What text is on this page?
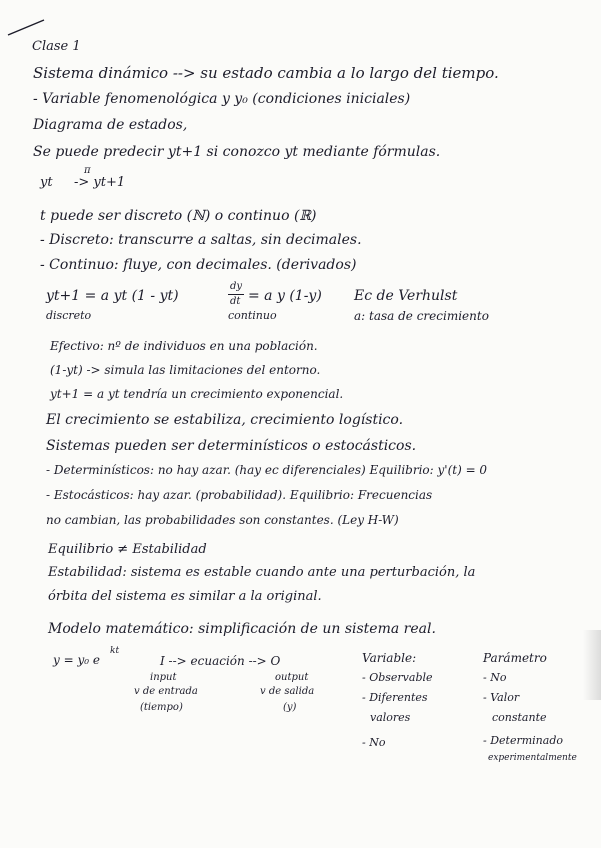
Clase 1
Sistema dinámico --> su estado cambia a lo largo del tiempo.
- Variable fenomenológica y y₀ (condiciones iniciales)
Diagrama de estados,
Se puede predecir yt+1 si conozco yt mediante fórmulas.
yt
π
-> yt+1
t puede ser discreto (ℕ) o continuo (ℝ)
- Discreto: transcurre a saltas, sin decimales.
- Continuo: fluye, con decimales. (derivados)
yt+1 = a yt (1 - yt)
discreto
dy
dt = a y (1-y)
continuo
Ec de Verhulst
a: tasa de crecimiento
Efectivo: nº de individuos en una población.
(1-yt) -> simula las limitaciones del entorno.
yt+1 = a yt tendría un crecimiento exponencial.
El crecimiento se estabiliza, crecimiento logístico.
Sistemas pueden ser determinísticos o estocásticos.
- Determinísticos: no hay azar. (hay ec diferenciales) Equilibrio: y'(t) = 0
- Estocásticos: hay azar. (probabilidad). Equilibrio: Frecuencias
no cambian, las probabilidades son constantes. (Ley H-W)
Equilibrio ≠ Estabilidad
Estabilidad: sistema es estable cuando ante una perturbación, la
órbita del sistema es similar a la original.
Modelo matemático: simplificación de un sistema real.
y = y₀ e
kt
I --> ecuación --> O
input
v de entrada
(tiempo)
output
v de salida
(y)
Variable:
- Observable
- Diferentes
valores
- No
Parámetro
- No
- Valor
constante
- Determinado
experimentalmente
